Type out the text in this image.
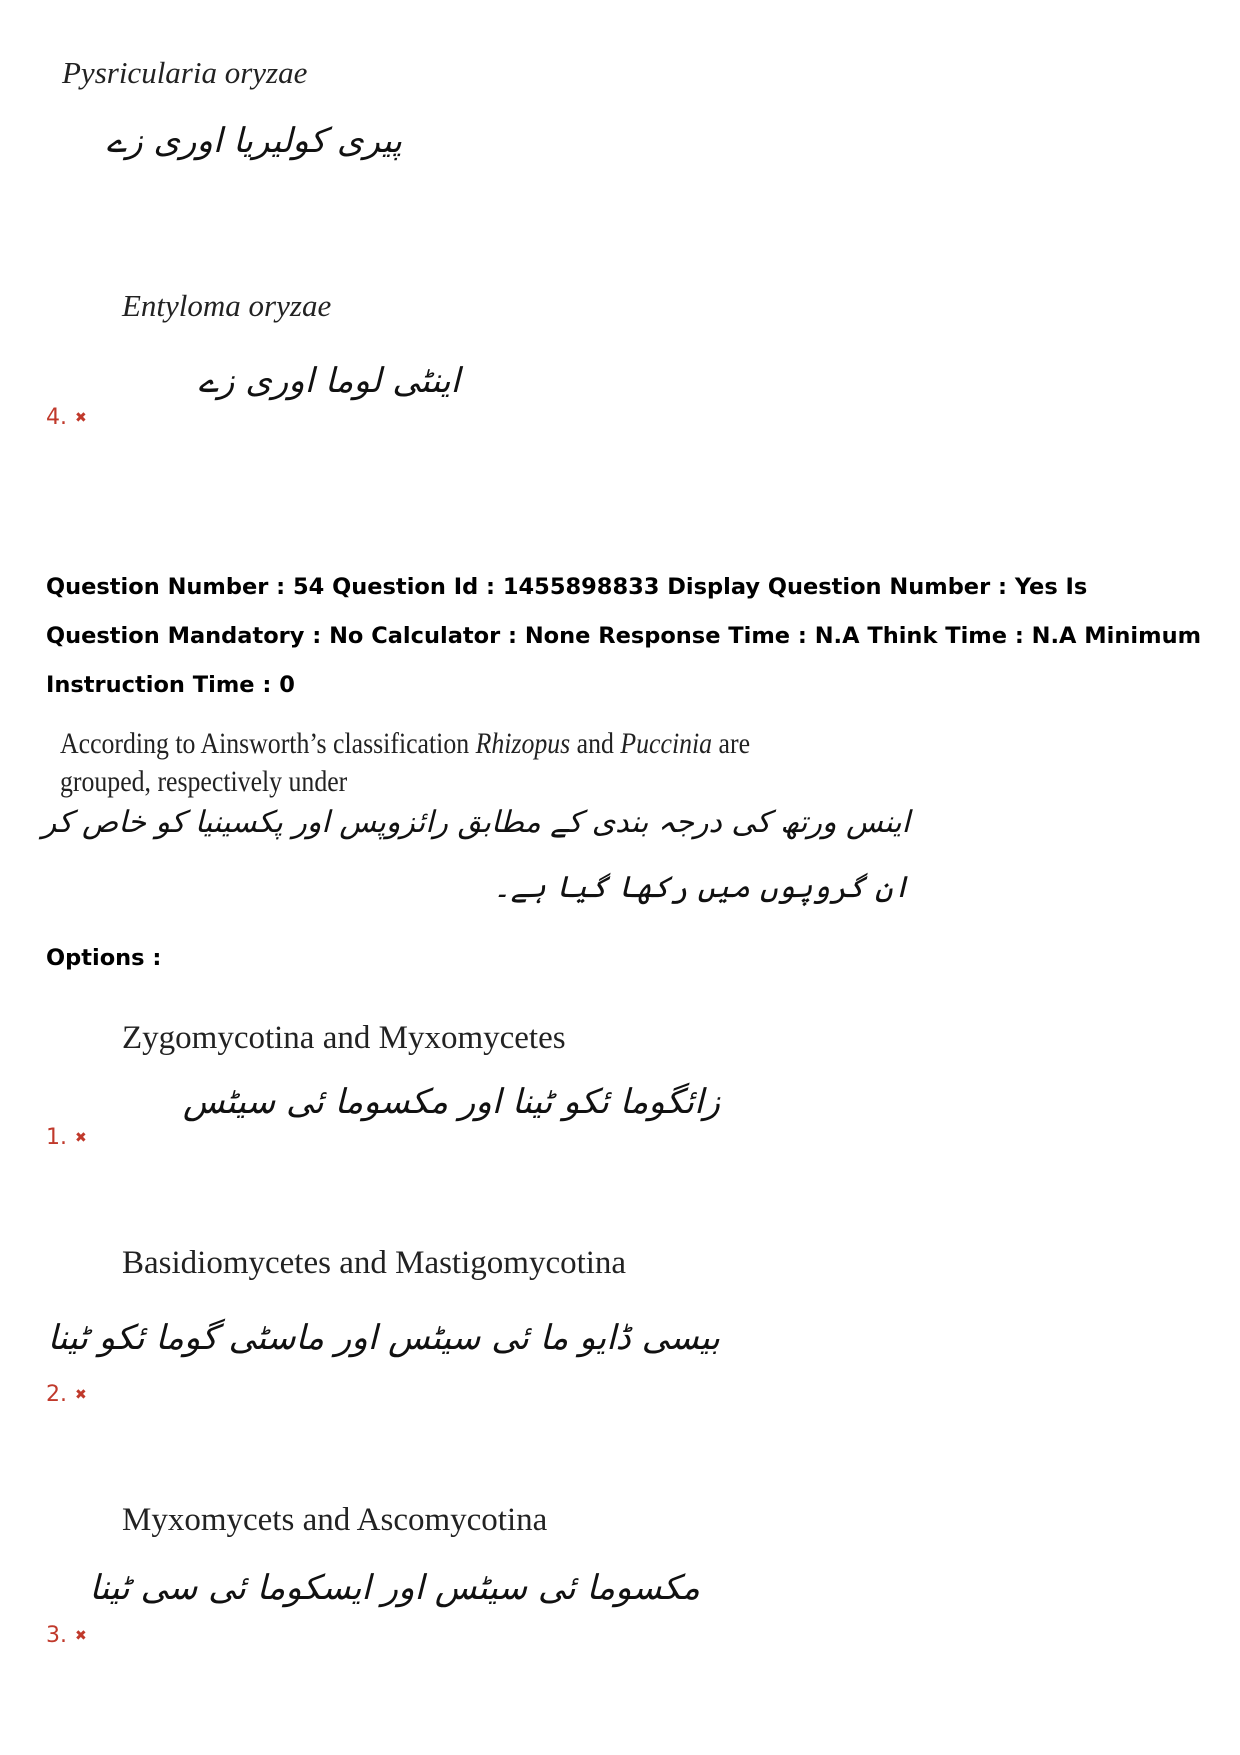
Pysricularia oryzae
پیری کولیریا اوری زے
Entyloma oryzae
اینٹی لوما اوری زے
4. ✖
Question Number : 54 Question Id : 1455898833 Display Question Number : Yes Is Question Mandatory : No Calculator : None Response Time : N.A Think Time : N.A Minimum Instruction Time : 0
According to Ainsworth’s classification Rhizopus and Puccinia are grouped, respectively under
اینس ورتھ کی درجہ بندی کے مطابق رائزوپس اور پکسینیا کو خاص کر
ان گروپوں میں رکھا گیا ہے۔
Options :
Zygomycotina and Myxomycetes
زائگوما ئکو ٹینا اور مکسوما ئی سیٹس
1. ✖
Basidiomycetes and Mastigomycotina
بیسی ڈایو ما ئی سیٹس اور ماسٹی گوما ئکو ٹینا
2. ✖
Myxomycets and Ascomycotina
مکسوما ئی سیٹس اور ایسکوما ئی سی ٹینا
3. ✖
